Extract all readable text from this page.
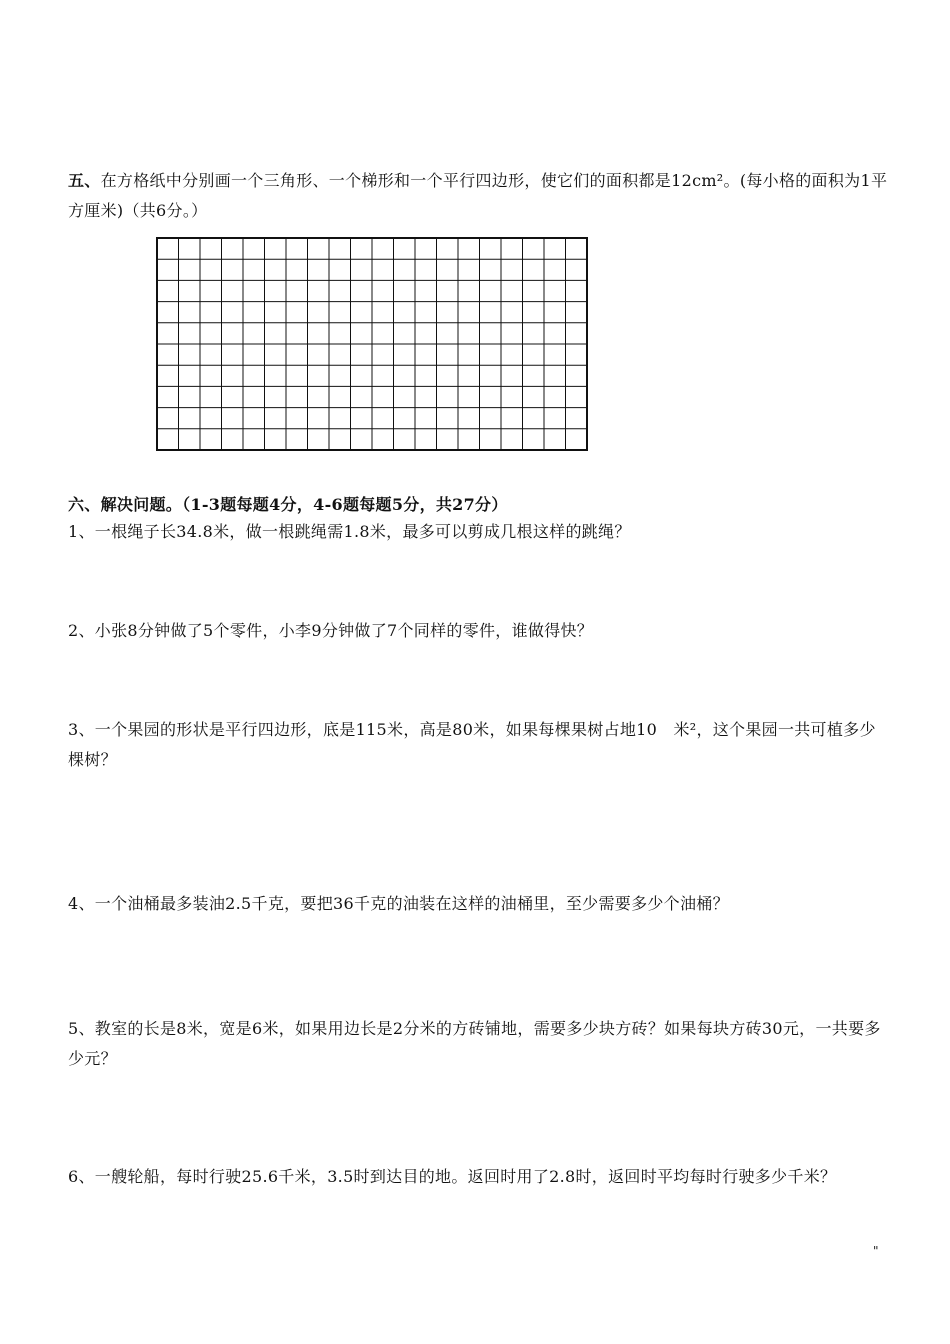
五、在方格纸中分别画一个三角形、一个梯形和一个平行四边形，使它们的面积都是12cm²。(每小格的面积为1平方厘米)（共6分。）
六、解决问题。（1-3题每题4分，4-6题每题5分，共27分）
1、一根绳子长34.8米，做一根跳绳需1.8米，最多可以剪成几根这样的跳绳？
2、小张8分钟做了5个零件，小李9分钟做了7个同样的零件，谁做得快？
3、一个果园的形状是平行四边形，底是115米，高是80米，如果每棵果树占地10　米²，这个果园一共可植多少棵树？
4、一个油桶最多装油2.5千克，要把36千克的油装在这样的油桶里，至少需要多少个油桶？
5、教室的长是8米，宽是6米，如果用边长是2分米的方砖铺地，需要多少块方砖？如果每块方砖30元，一共要多少元？
6、一艘轮船，每时行驶25.6千米，3.5时到达目的地。返回时用了2.8时，返回时平均每时行驶多少千米？
"
